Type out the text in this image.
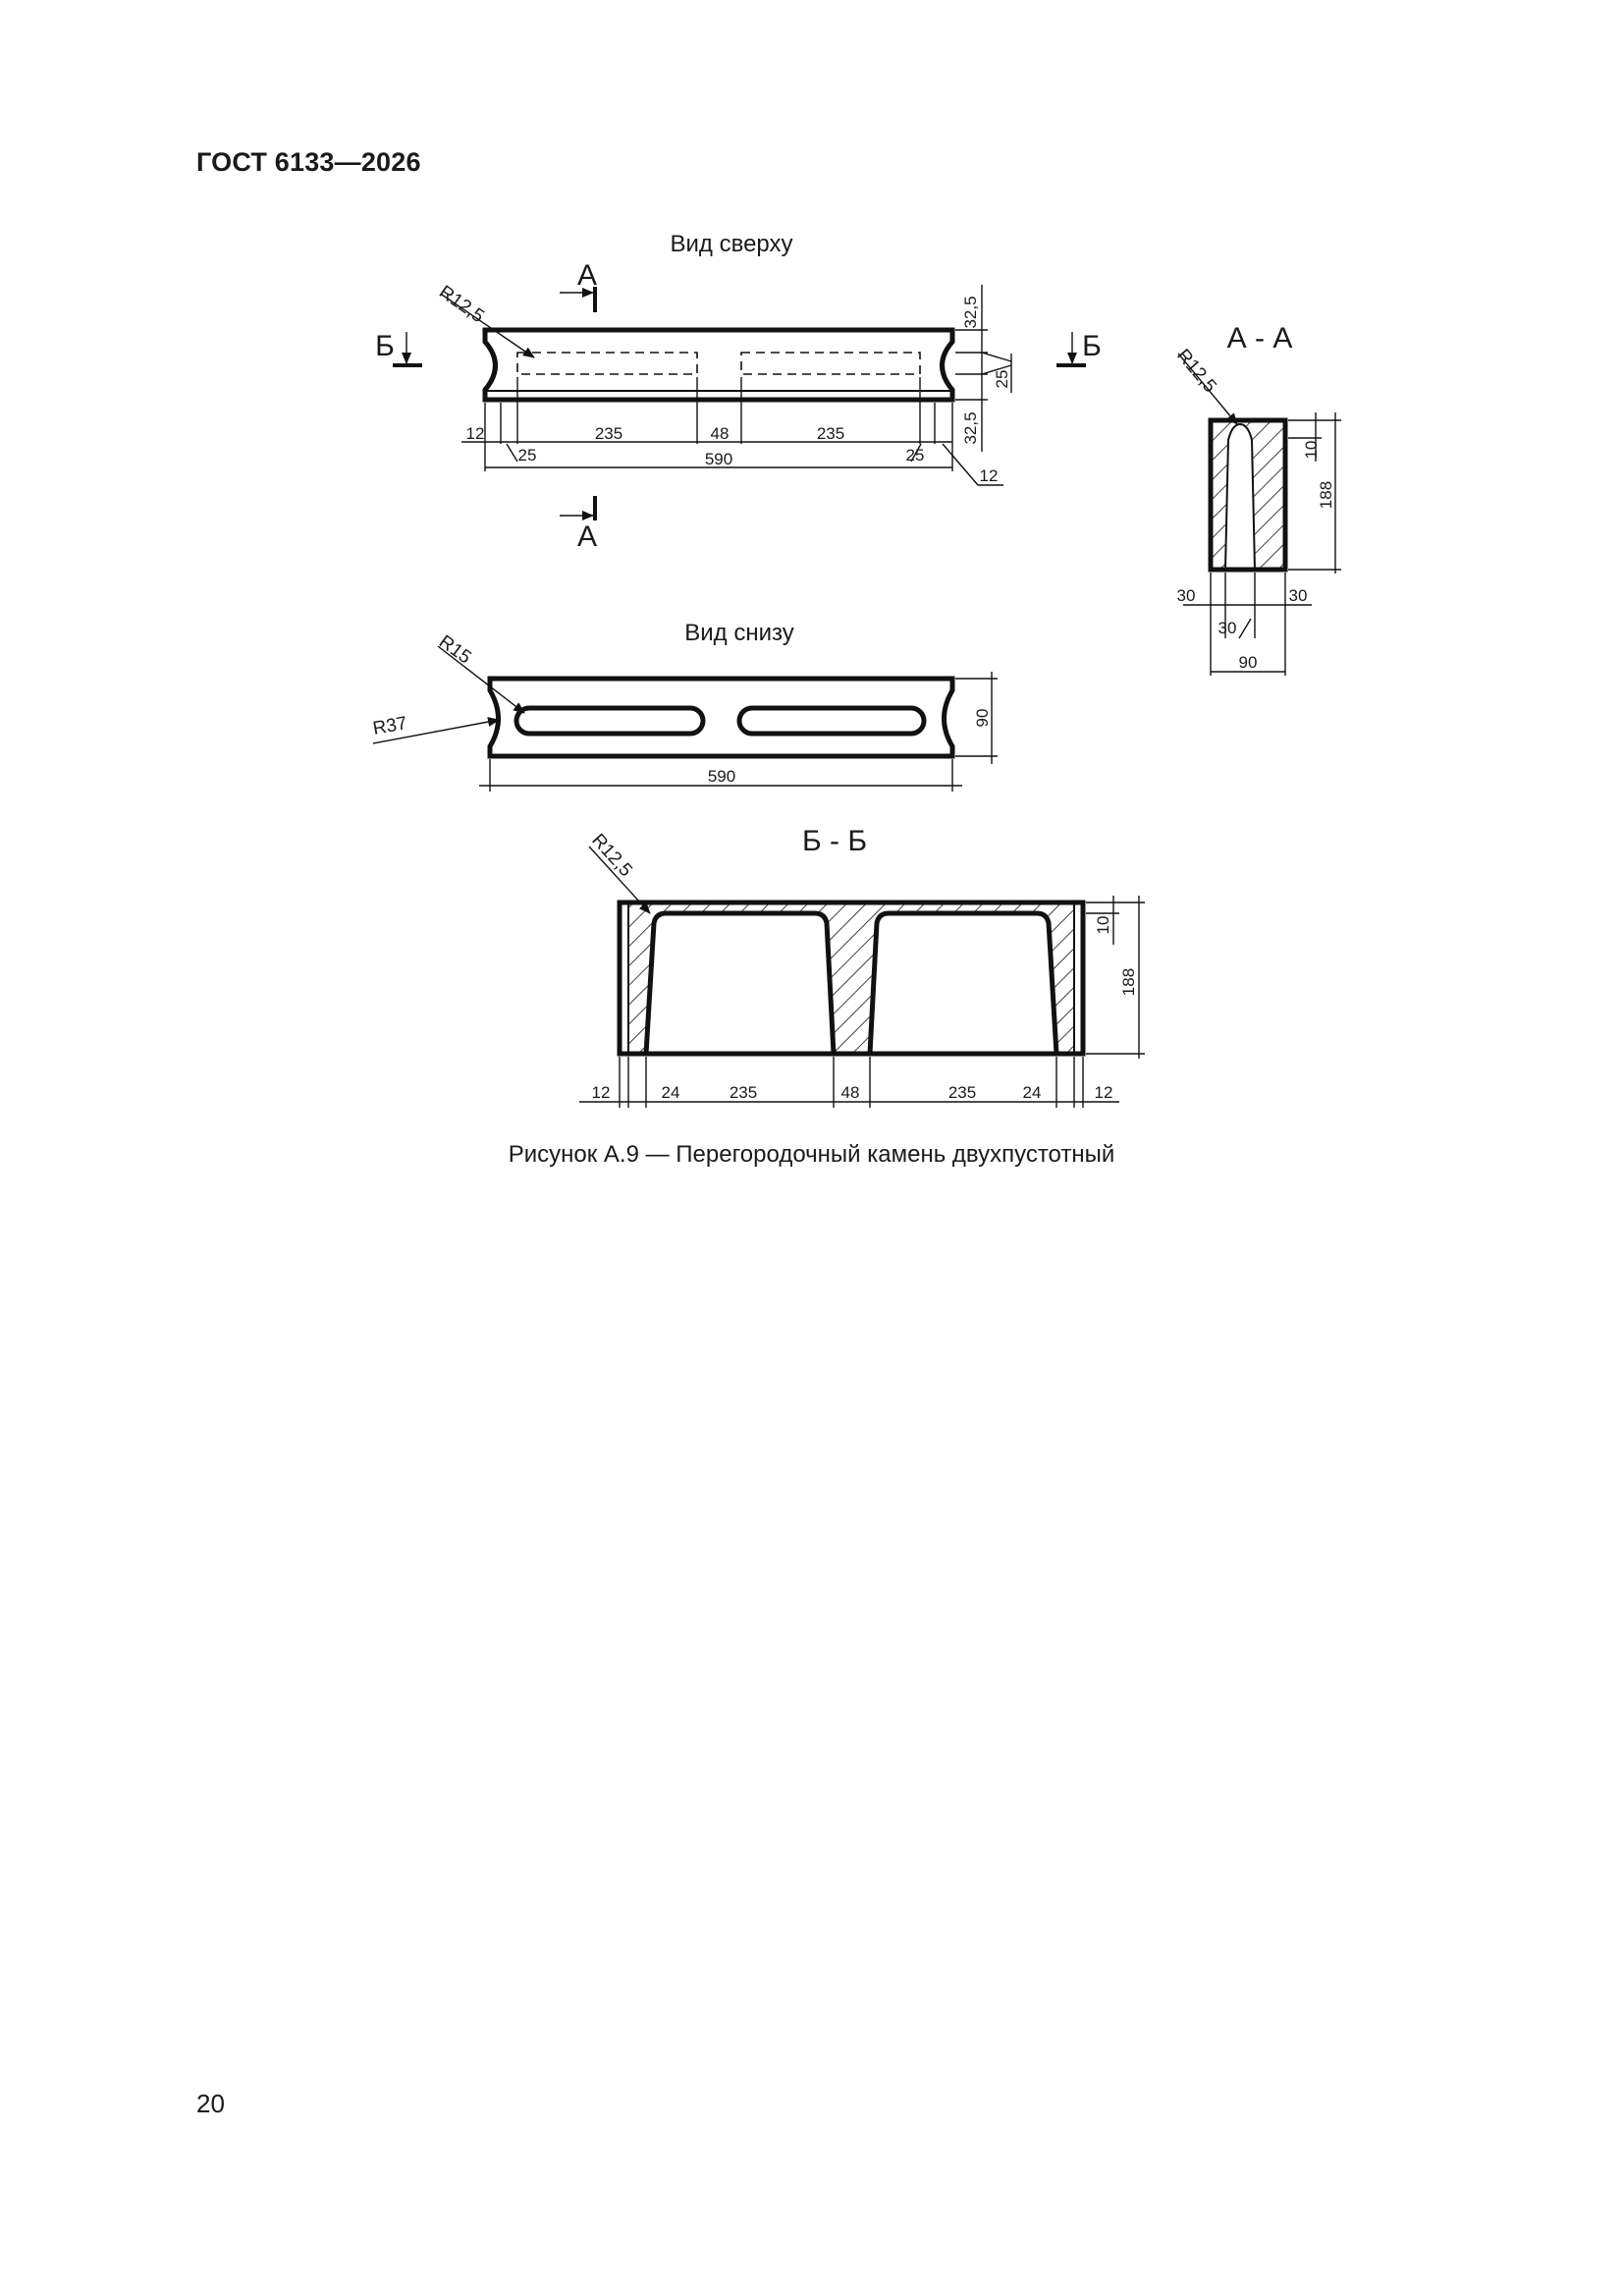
ГОСТ 6133—2026
Вид сверху
А
А
Б	Б
R12,5
12
25
235	48	235
25
590
12
32,5
25
32,5
А - А
R12,5
10
188
30
30
30
90
Вид снизу
R15
R37
590
90
Б - Б
R12,5
12	24	235	48	235	24	12
10
188
Рисунок А.9 — Перегородочный камень двухпустотный
20
